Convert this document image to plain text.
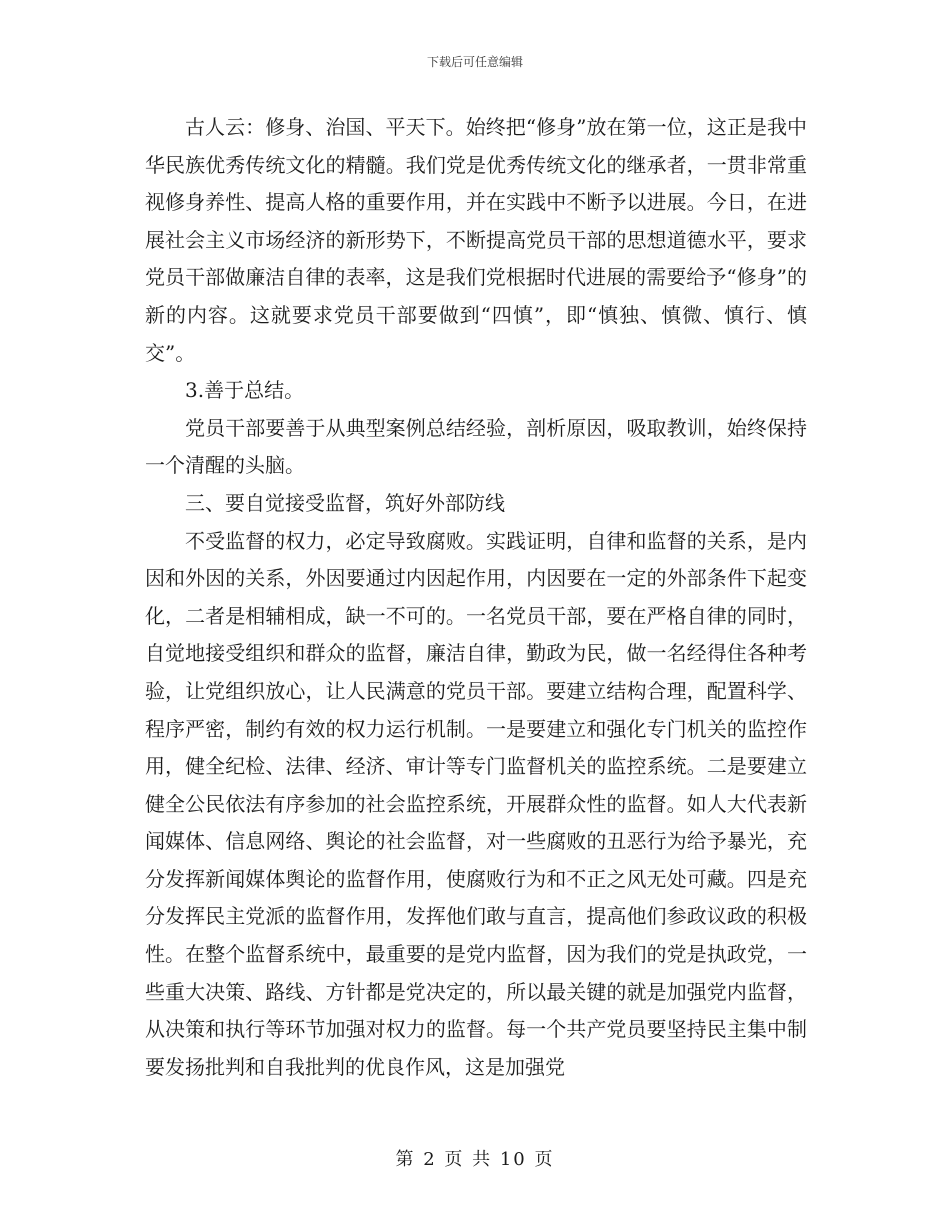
下载后可任意编辑

古人云：修身、治国、平天下。始终把“修身”放在第一位，这正是我中华民族优秀传统文化的精髓。我们党是优秀传统文化的继承者，一贯非常重视修身养性、提高人格的重要作用，并在实践中不断予以进展。今日，在进展社会主义市场经济的新形势下，不断提高党员干部的思想道德水平，要求党员干部做廉洁自律的表率，这是我们党根据时代进展的需要给予“修身”的新的内容。这就要求党员干部要做到“四慎”，即“慎独、慎微、慎行、慎交”。

3.善于总结。

党员干部要善于从典型案例总结经验，剖析原因，吸取教训，始终保持一个清醒的头脑。

三、要自觉接受监督，筑好外部防线

不受监督的权力，必定导致腐败。实践证明，自律和监督的关系，是内因和外因的关系，外因要通过内因起作用，内因要在一定的外部条件下起变化，二者是相辅相成，缺一不可的。一名党员干部，要在严格自律的同时，自觉地接受组织和群众的监督，廉洁自律，勤政为民，做一名经得住各种考验，让党组织放心，让人民满意的党员干部。要建立结构合理，配置科学、程序严密，制约有效的权力运行机制。一是要建立和强化专门机关的监控作用，健全纪检、法律、经济、审计等专门监督机关的监控系统。二是要建立健全公民依法有序参加的社会监控系统，开展群众性的监督。如人大代表新闻媒体、信息网络、舆论的社会监督，对一些腐败的丑恶行为给予暴光，充分发挥新闻媒体舆论的监督作用，使腐败行为和不正之风无处可藏。四是充分发挥民主党派的监督作用，发挥他们敢与直言，提高他们参政议政的积极性。在整个监督系统中，最重要的是党内监督，因为我们的党是执政党，一些重大决策、路线、方针都是党决定的，所以最关键的就是加强党内监督，从决策和执行等环节加强对权力的监督。每一个共产党员要坚持民主集中制要发扬批判和自我批判的优良作风，这是加强党

第 2 页 共 10 页
